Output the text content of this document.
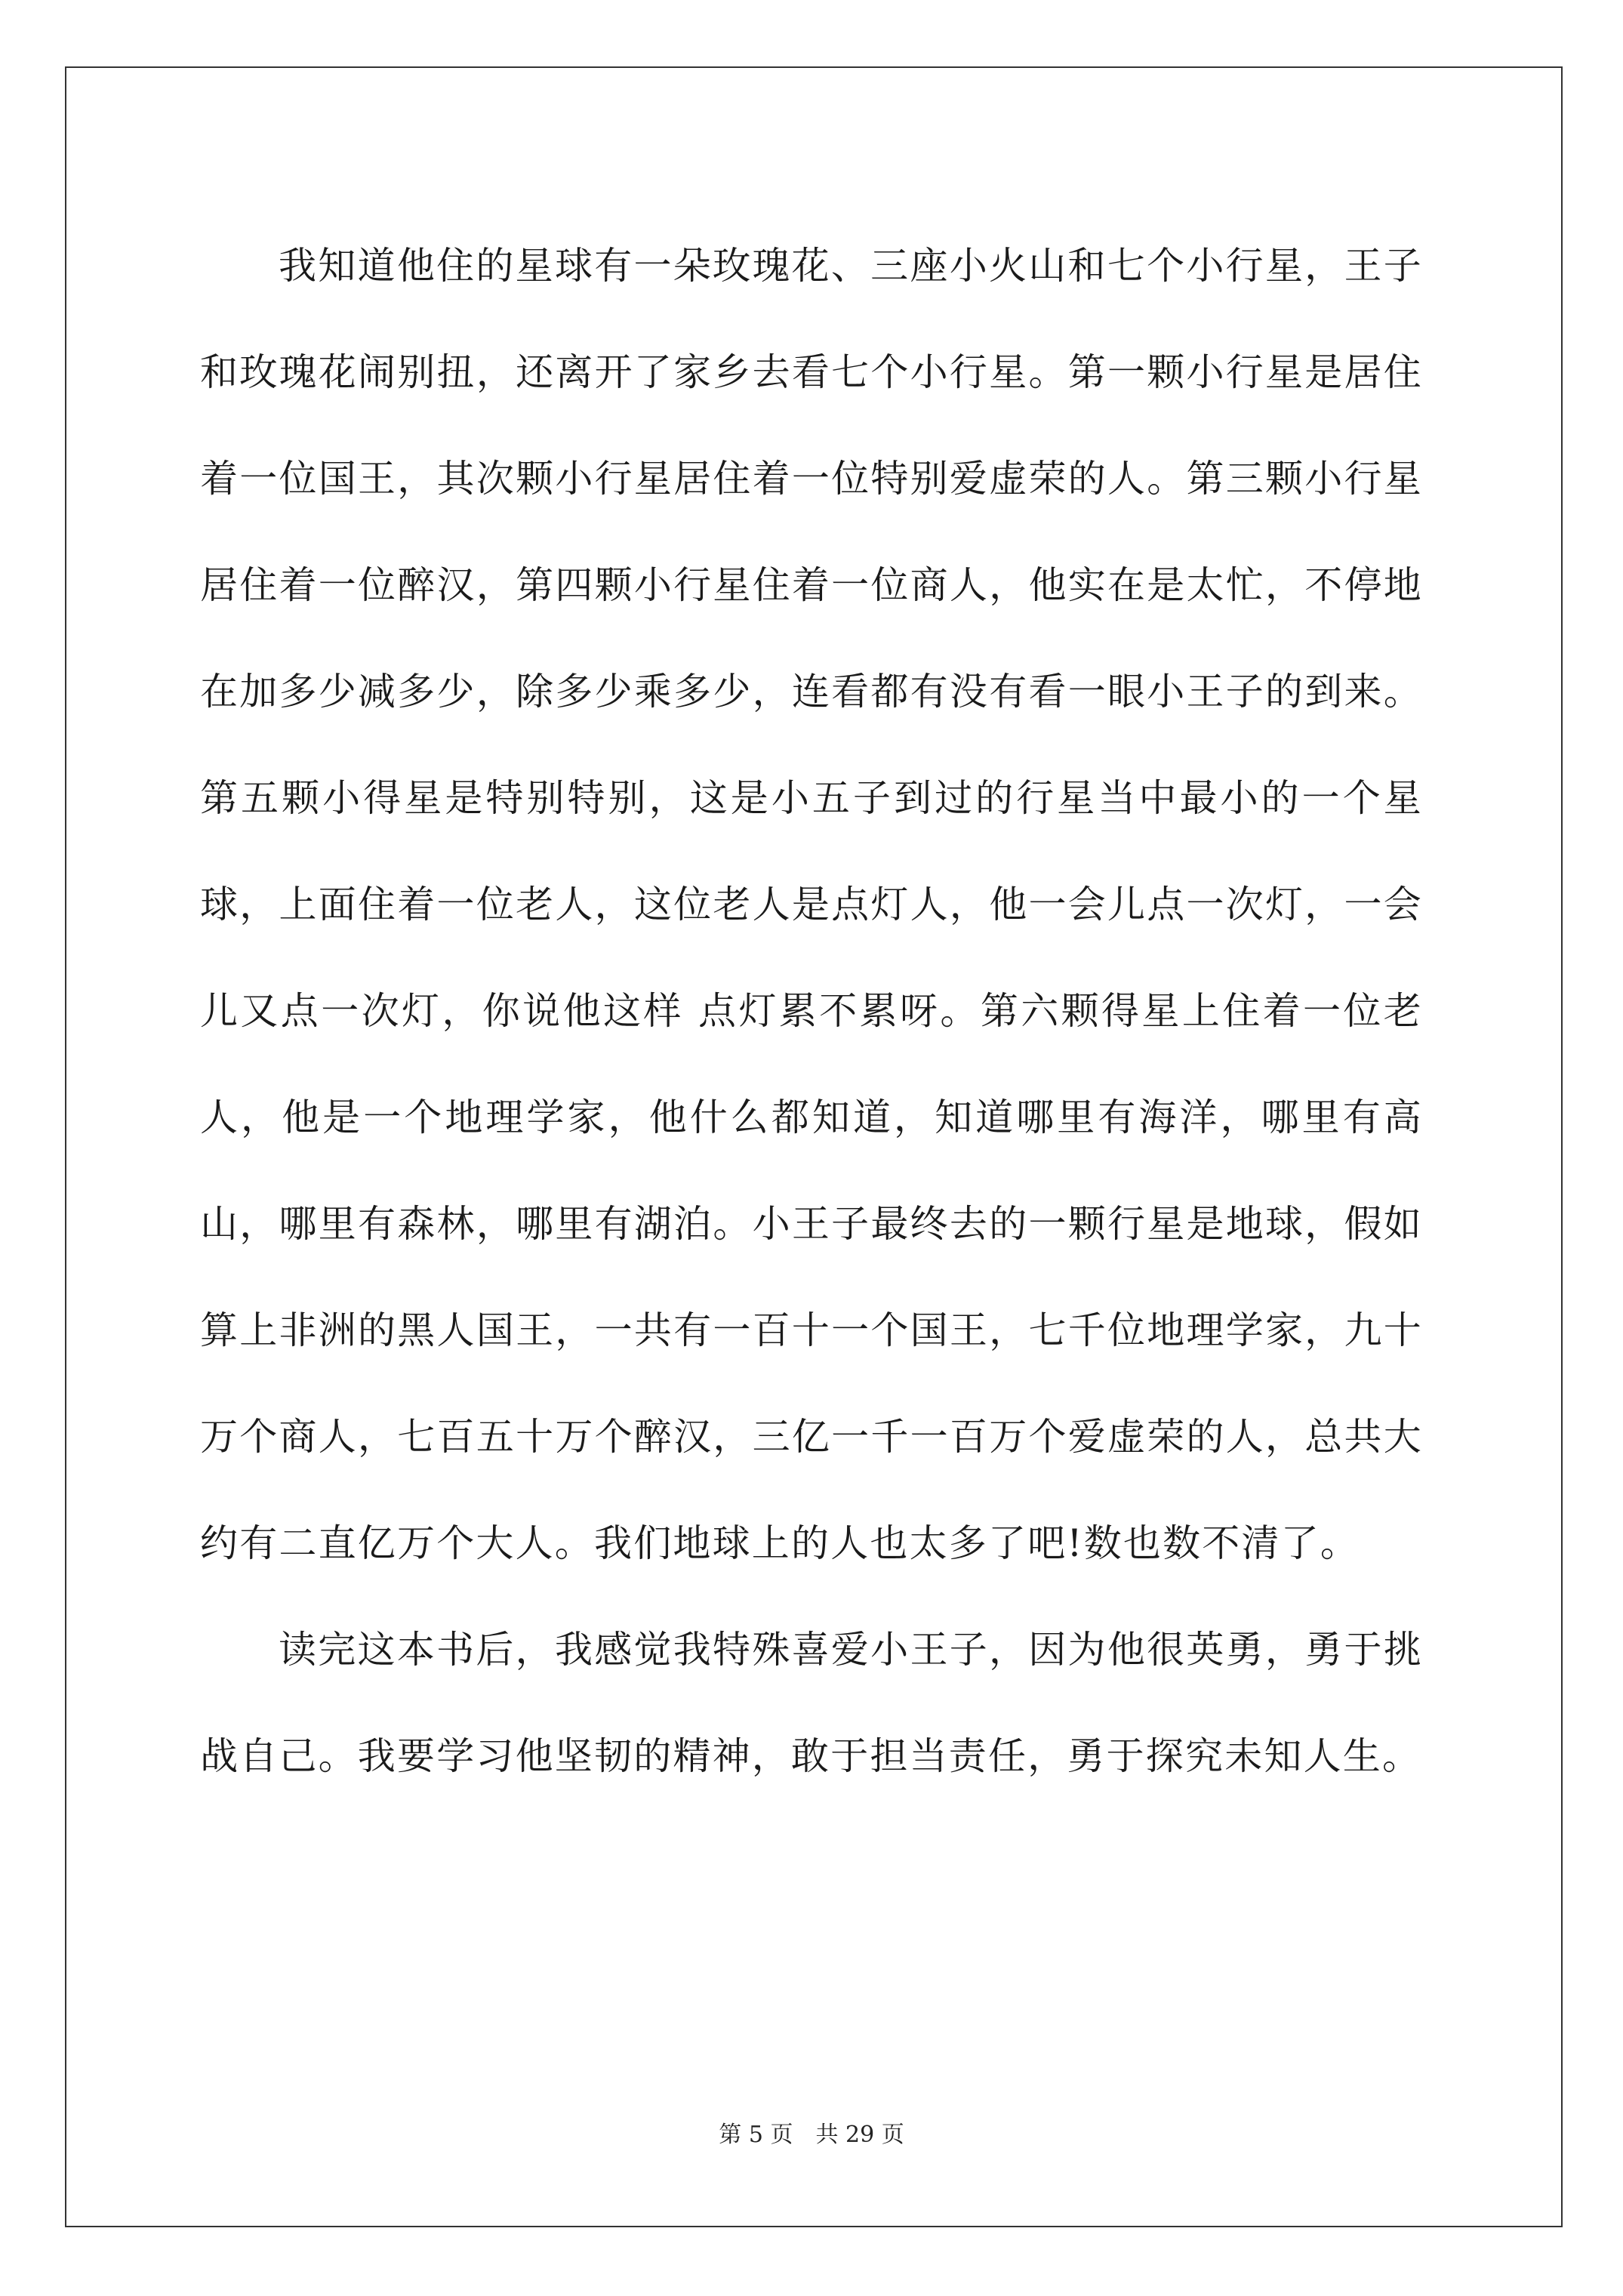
我知道他住的星球有一朵玫瑰花、三座小火山和七个小行星，王子和玫瑰花闹别扭，还离开了家乡去看七个小行星。第一颗小行星是居住着一位国王，其次颗小行星居住着一位特别爱虚荣的人。第三颗小行星居住着一位醉汉，第四颗小行星住着一位商人，他实在是太忙，不停地在加多少减多少，除多少乘多少，连看都有没有看一眼小王子的到来。第五颗小得星是特别特别，这是小五子到过的行星当中最小的一个星球，上面住着一位老人，这位老人是点灯人，他一会儿点一次灯，一会儿又点一次灯，你说他这样 点灯累不累呀。第六颗得星上住着一位老人，他是一个地理学家，他什么都知道，知道哪里有海洋，哪里有高山，哪里有森林，哪里有湖泊。小王子最终去的一颗行星是地球，假如算上非洲的黑人国王，一共有一百十一个国王，七千位地理学家，九十万个商人，七百五十万个醉汉，三亿一千一百万个爱虚荣的人，总共大约有二直亿万个大人。我们地球上的人也太多了吧!数也数不清了。

读完这本书后，我感觉我特殊喜爱小王子，因为他很英勇，勇于挑战自己。我要学习他坚韧的精神，敢于担当责任，勇于探究未知人生。

第 5 页　共 29 页
